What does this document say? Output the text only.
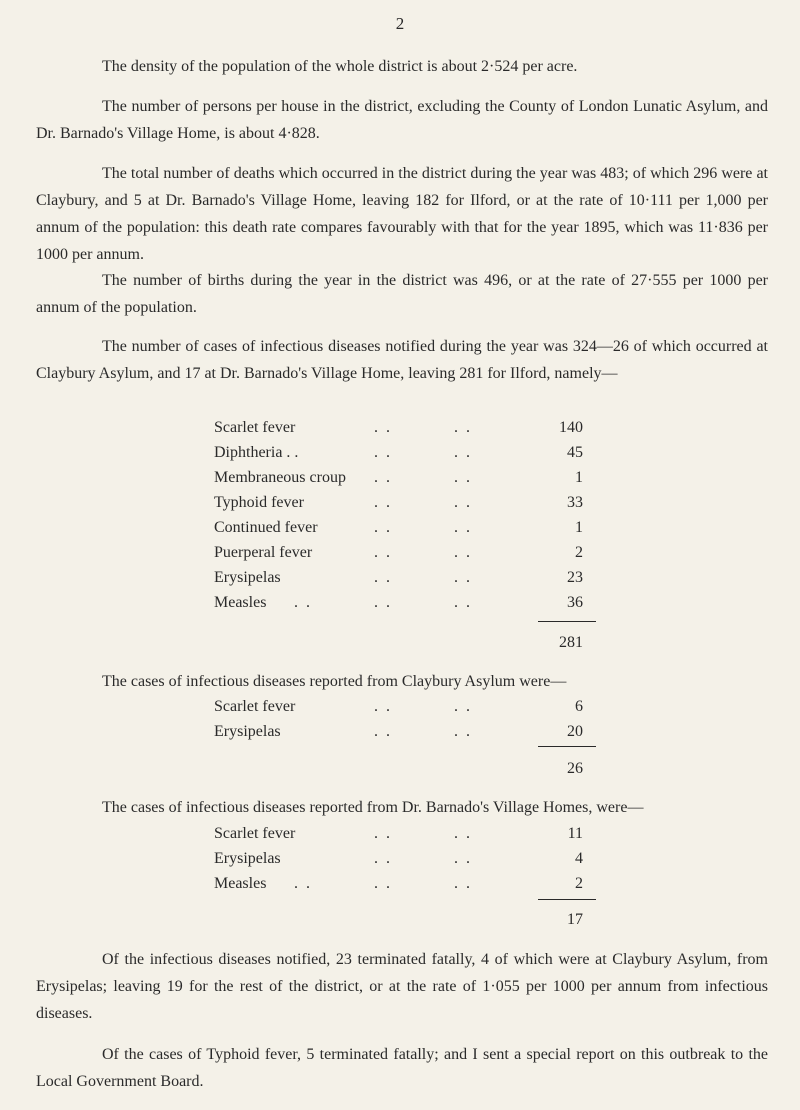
2

The density of the population of the whole district is about 2·524 per acre.

The number of persons per house in the district, excluding the County of London Lunatic Asylum, and Dr. Barnado's Village Home, is about 4·828.

The total number of deaths which occurred in the district during the year was 483; of which 296 were at Claybury, and 5 at Dr. Barnado's Village Home, leaving 182 for Ilford, or at the rate of 10·111 per 1,000 per annum of the population: this death rate compares favourably with that for the year 1895, which was 11·836 per 1000 per annum.

The number of births during the year in the district was 496, or at the rate of 27·555 per 1000 per annum of the population.

The number of cases of infectious diseases notified during the year was 324—26 of which occurred at Claybury Asylum, and 17 at Dr. Barnado's Village Home, leaving 281 for Ilford, namely—

Scarlet fever	. .	. .	140
Diphtheria . .	. .	. .	45
Membraneous croup . .	. .	1
Typhoid fever	. .	. .	33
Continued fever	. .	. .	1
Puerperal fever	. .	. .	2
Erysipelas	. .	. .	23
Measles . .	. .	. .	36
281

The cases of infectious diseases reported from Claybury Asylum were—

Scarlet fever	. .	. .	6
Erysipelas	. .	. .	20
26

The cases of infectious diseases reported from Dr. Barnado's Village Homes, were—

Scarlet fever	. .	. .	11
Erysipelas	. .	. .	4
Measles . .	. .	. .	2
17

Of the infectious diseases notified, 23 terminated fatally, 4 of which were at Claybury Asylum, from Erysipelas; leaving 19 for the rest of the district, or at the rate of 1·055 per 1000 per annum from infectious diseases.

Of the cases of Typhoid fever, 5 terminated fatally; and I sent a special report on this outbreak to the Local Government Board.
